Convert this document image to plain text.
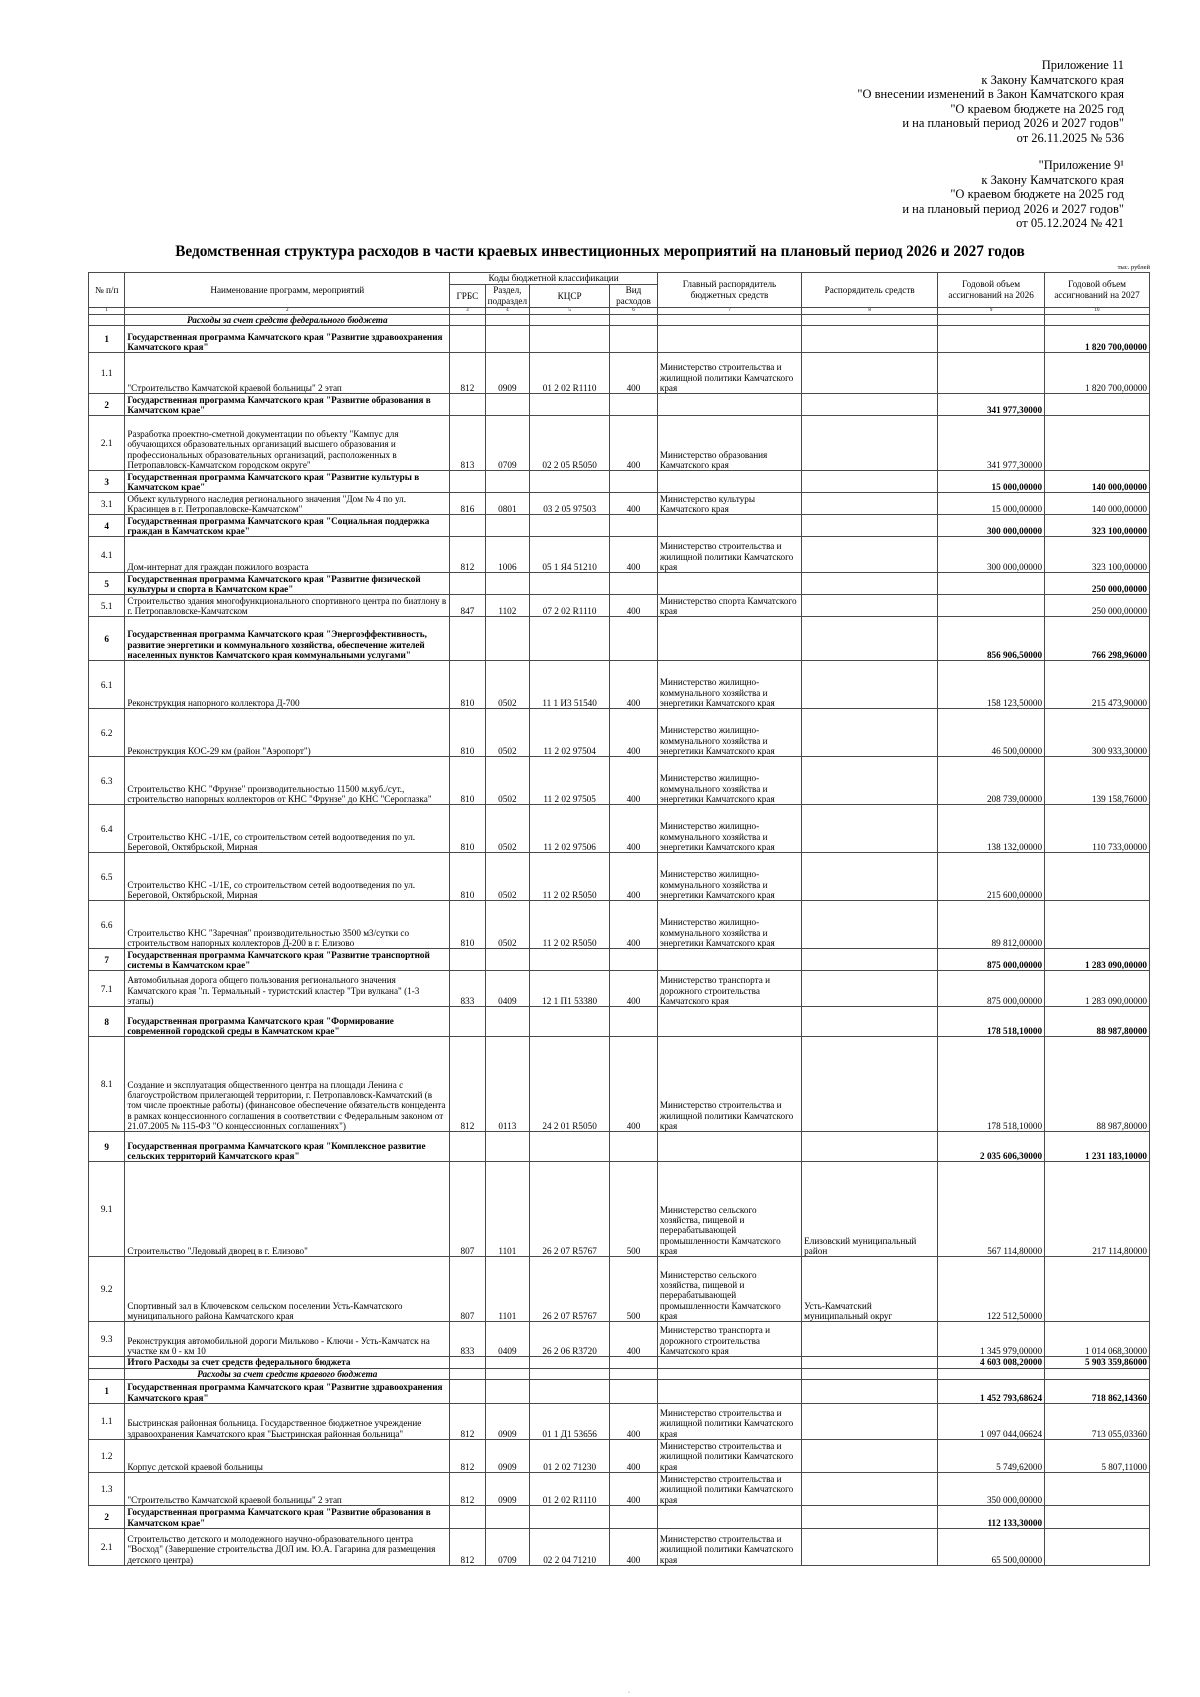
Приложение 11
к Закону Камчатского края
"О внесении изменений в Закон Камчатского края
"О краевом бюджете на 2025 год
и на плановый период 2026 и 2027 годов"
от 26.11.2025 № 536
"Приложение 9¹
к Закону Камчатского края
"О краевом бюджете на 2025 год
и на плановый период 2026 и 2027 годов"
от 05.12.2024 № 421
Ведомственная структура расходов в части краевых инвестиционных мероприятий на плановый период 2026 и 2027 годов
тыс. рублей
№ п/п	Наименование программ, мероприятий	Коды бюджетной классификации				Главный распорядитель бюджетных средств	Распорядитель средств	Годовой объем ассигнований на 2026	Годовой объем ассигнований на 2027
		ГРБС	Раздел, подраздел	КЦСР	Вид расходов				
1	2	3	4	5	6	7	8	9	10
	Расходы за счет средств федерального бюджета								
1	Государственная программа Камчатского края "Развитие здравоохранения Камчатского края"								1 820 700,00000
1.1	"Строительство Камчатской краевой больницы" 2 этап	812	0909	01 2 02 R1110	400	Министерство строительства и жилищной политики Камчатского края			1 820 700,00000
2	Государственная программа Камчатского края "Развитие образования в Камчатском крае"							341 977,30000	
2.1	Разработка проектно-сметной документации по объекту "Кампус для обучающихся образовательных организаций высшего образования и профессиональных образовательных организаций, расположенных в Петропавловск-Камчатском городском округе"	813	0709	02 2 05 R5050	400	Министерство образования Камчатского края		341 977,30000	
3	Государственная программа Камчатского края "Развитие культуры в Камчатском крае"							15 000,00000	140 000,00000
3.1	Объект культурного наследия регионального значения "Дом № 4 по ул. Красинцев в г. Петропавловске-Камчатском"	816	0801	03 2 05 97503	400	Министерство культуры Камчатского края		15 000,00000	140 000,00000
4	Государственная программа Камчатского края "Социальная поддержка граждан в Камчатском крае"							300 000,00000	323 100,00000
4.1	Дом-интернат для граждан пожилого возраста	812	1006	05 1 Я4 51210	400	Министерство строительства и жилищной политики Камчатского края		300 000,00000	323 100,00000
5	Государственная программа Камчатского края "Развитие физической культуры и спорта в Камчатском крае"								250 000,00000
5.1	Строительство здания многофункционального спортивного центра по биатлону в г. Петропавловске-Камчатском	847	1102	07 2 02 R1110	400	Министерство спорта Камчатского края			250 000,00000
6	Государственная программа Камчатского края "Энергоэффективность, развитие энергетики и коммунального хозяйства, обеспечение жителей населенных пунктов Камчатского края коммунальными услугами"							856 906,50000	766 298,96000
6.1	Реконструкция напорного коллектора Д-700	810	0502	11 1 И3 51540	400	Министерство жилищно-коммунального хозяйства и энергетики Камчатского края		158 123,50000	215 473,90000
6.2	Реконструкция КОС-29 км (район "Аэропорт")	810	0502	11 2 02 97504	400	Министерство жилищно-коммунального хозяйства и энергетики Камчатского края		46 500,00000	300 933,30000
6.3	Строительство КНС "Фрунзе" производительностью 11500 м.куб./сут., строительство напорных коллекторов от КНС "Фрунзе" до КНС "Сероглазка"	810	0502	11 2 02 97505	400	Министерство жилищно-коммунального хозяйства и энергетики Камчатского края		208 739,00000	139 158,76000
6.4	Строительство КНС -1/1Е, со строительством сетей водоотведения по ул. Береговой, Октябрьской, Мирная	810	0502	11 2 02 97506	400	Министерство жилищно-коммунального хозяйства и энергетики Камчатского края		138 132,00000	110 733,00000
6.5	Строительство КНС -1/1Е, со строительством сетей водоотведения по ул. Береговой, Октябрьской, Мирная	810	0502	11 2 02 R5050	400	Министерство жилищно-коммунального хозяйства и энергетики Камчатского края		215 600,00000	
6.6	Строительство КНС "Заречная" производительностью 3500 м3/сутки со строительством напорных коллекторов Д-200 в г. Елизово	810	0502	11 2 02 R5050	400	Министерство жилищно-коммунального хозяйства и энергетики Камчатского края		89 812,00000	
7	Государственная программа Камчатского края "Развитие транспортной системы в Камчатском крае"							875 000,00000	1 283 090,00000
7.1	Автомобильная дорога общего пользования регионального значения Камчатского края "п. Термальный - туристский кластер "Три вулкана" (1-3 этапы)	833	0409	12 1 П1 53380	400	Министерство транспорта и дорожного строительства Камчатского края		875 000,00000	1 283 090,00000
8	Государственная программа Камчатского края "Формирование современной городской среды в Камчатском крае"							178 518,10000	88 987,80000
8.1	Создание и эксплуатация общественного центра на площади Ленина с благоустройством прилегающей территории, г. Петропавловск-Камчатский (в том числе проектные работы) (финансовое обеспечение обязательств концедента в рамках концессионного соглашения в соответствии с Федеральным законом от 21.07.2005 № 115-ФЗ "О концессионных соглашениях")	812	0113	24 2 01 R5050	400	Министерство строительства и жилищной политики Камчатского края		178 518,10000	88 987,80000
9	Государственная программа Камчатского края "Комплексное развитие сельских территорий Камчатского края"							2 035 606,30000	1 231 183,10000
9.1	Строительство "Ледовый дворец в г. Елизово"	807	1101	26 2 07 R5767	500	Министерство сельского хозяйства, пищевой и перерабатывающей промышленности Камчатского края	Елизовский муниципальный район	567 114,80000	217 114,80000
9.2	Спортивный зал в Ключевском сельском поселении Усть-Камчатского муниципального района Камчатского края	807	1101	26 2 07 R5767	500	Министерство сельского хозяйства, пищевой и перерабатывающей промышленности Камчатского края	Усть-Камчатский муниципальный округ	122 512,50000	
9.3	Реконструкция автомобильной дороги Мильково - Ключи - Усть-Камчатск на участке км 0 - км 10	833	0409	26 2 06 R3720	400	Министерство транспорта и дорожного строительства Камчатского края		1 345 979,00000	1 014 068,30000
	Итого Расходы за счет средств федерального бюджета							4 603 008,20000	5 903 359,86000
	Расходы за счет средств краевого бюджета								
1	Государственная программа Камчатского края "Развитие здравоохранения Камчатского края"							1 452 793,68624	718 862,14360
1.1	Быстринская районная больница. Государственное бюджетное учреждение здравоохранения Камчатского края "Быстринская районная больница"	812	0909	01 1 Д1 53656	400	Министерство строительства и жилищной политики Камчатского края		1 097 044,06624	713 055,03360
1.2	Корпус детской краевой больницы	812	0909	01 2 02 71230	400	Министерство строительства и жилищной политики Камчатского края		5 749,62000	5 807,11000
1.3	"Строительство Камчатской краевой больницы" 2 этап	812	0909	01 2 02 R1110	400	Министерство строительства и жилищной политики Камчатского края		350 000,00000	
2	Государственная программа Камчатского края "Развитие образования в Камчатском крае"							112 133,30000	
2.1	Строительство детского и молодежного научно-образовательного центра "Восход" (Завершение строительства ДОЛ им. Ю.А. Гагарина для размещения детского центра)	812	0709	02 2 04 71210	400	Министерство строительства и жилищной политики Камчатского края		65 500,00000	
·
